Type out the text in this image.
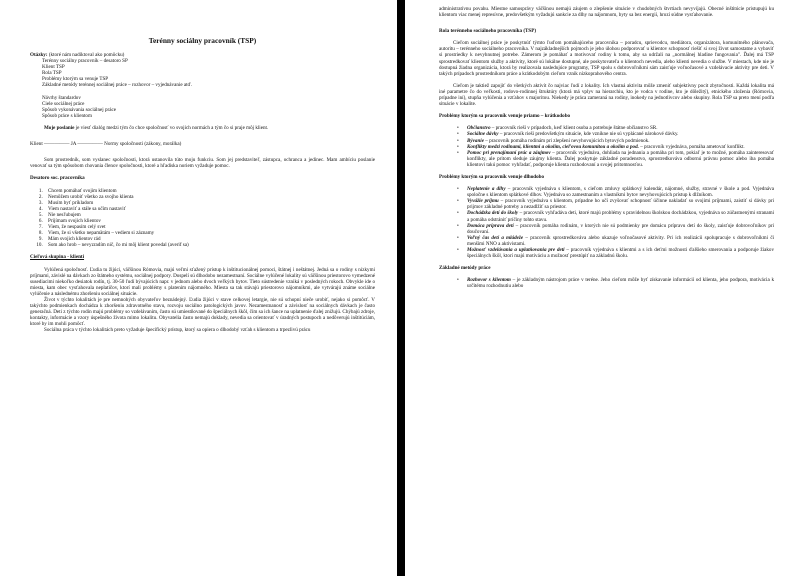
Terénny sociálny pracovník (TSP)
Otázky: (ktoré nám nadiktoval ako pomôcku)
Terénny sociálny pracovník – desatoro SP
Klient TSP
Rola TSP
Problémy ktorým sa venuje TSP
Základné metódy terénnej sociálnej práce – rozhovor – vyjednávanie atď.
Návrhy štandardov
Ciele sociálnej práce
Spôsob vykonávania sociálnej práce
Spôsob práce s klientom
Moje poslanie je viesť dialóg medzi tým čo chce spoločnosť vo svojich normách a tým čo si praje môj klient.
Klient ————— JA ————— Normy spoločnosti (zákony, morálka)
Som prostredník, som vyslanec spoločnosti, ktorá ustanovila túto moju funkciu. Som jej predstaviteľ, zástupca, ochranca a jedinec. Mam ambíciu poslanie venovať sa tým spôsobom chovania členov spoločnosti, ktoré a hľadiska noriem vyžaduje pomoc.
Desatoro soc. pracovníka
1. Chcem pomáhať svojim klientom
2. Nemôžem urobiť všetko za svojho klienta
3. Musím byť príkladom
4. Viem nastaviť a stále sa učím nastaviť
5. Nie nesľubujem
6. Prijímam svojich klientov
7. Viem, že nespasím celý svet
8. Viem, že si všetko nepamätám – vediem si záznamy
9. Mám svojich klientov rád
10. Som ako hrob – nevyzradím nič, čo mi môj klient povedal (averif sa)
Cieľová skupina - klienti
Vylúčená spoločnosť. Ľudia tu žijúci, väčšinou Rómovia, majú veľmi sťažený prístup k inštitucionálnej pomoci, štátnej i neštátnej. Jedná sa o rodiny s nízkymi príjmami, závislé na dávkach zo štátneho systému, sociálnej podpory. Dospelí sú dlhodobo nezamestnaní. Sociálne vylúčené lokality sú väčšinou priestorovo vymedzené susediacimi niekoľko desiatok rodín, tj. 30-50 ľudí bývajúcich napr. v jednom alebo dvoch veľkých bytov. Tieto sústredenie vzniká v posledných rokoch. Obvykle ide o miesta, kam obec vysťahovala neplatičov, ktorí mali problémy s platením nájomného. Miesta sa tak stávajú priestorovo nájomníkmi, ale vytvárajú známe sociálne vylúčenie a následnému zhoršeniu sociálnej situácie.
Život v týchto lokalitách je pre nemnohých obyvateľov beznádejný. Ľudia žijúci v stave celkovej letargie, nie sú schopní nieče urobiť, nejako si pomôcť. V takýchto podmienkach dochádza k zhoršeniu zdravotného stavu, rozvoju sociálno patologických javov. Nezamestnanosť a závislosť na sociálnych dávkach je často generačná. Deti z týchto rodín majú problémy so vzdelávaním, často sú umiestňované do špeciálnych škôl, čím sa ich šance na uplatnenie ďalej znižujú. Chýbajú zdroje, kontakty, informácie a vzory úspešného života mimo lokalitu. Obyvatelia často nemajú doklady, nevedia sa orientovať v úradných postupoch a nedôverujú inštitúciám, ktoré by im mohli pomôcť.
Sociálna práca v týchto lokalitách preto vyžaduje špecifický prístup, ktorý sa opiera o dlhodobý vzťah s klientom a trpezlivú prácu
administratívnu povahu. Miestne samosprávy väčšinou nemajú záujem o zlepšenie situácie v chudobných štvrtiach nevyvíjajú. Obecné inštitúcie pristupujú ku klientom viac menej represívne, predovšetkým vyžadujú sankcie za dlhy na nájomnom, byty sa bez energií, hrozí súdne vysťahovanie.
Rola terénneho sociálneho pracovníka (TSP)
Cieľom sociálnej práce je poskytnúť týmto ľuďom pomáhajúceho pracovníka – poradcu, sprievodcu, mediátora, organizátora, komunitného plánovača, autoritu – terénneho sociálneho pracovníka. V najzákladnejších pojmoch je jeho úlohou podporovať u klientov schopnosť riešiť si svoj život samostatne a vybaviť si prostriedky k nevyhnutnej potrebe. Zámerom je pomáhať a motivovať rodiny k tomu, aby sa udržali na „normálnej hladine fungovania". Ďalej má TSP sprostredkovať klientom služby a aktivity, ktoré sú lokálne dostupné, ale poskytovateľa o klientoch nevedia, alebo klienti nevedia o službe. V miestach, kde nie je dostupná žiadna organizácia, ktorá by realizovala nasledujúce programy, TSP spolu s dobrovoľníkmi sám zaisťuje voľnočasové a vzdelávacie aktivity pre deti. V takých prípadoch prostredníkom práce a krátkodobým cieľom vznik nízkoprahového centra.
Cieľom je taktiež zapojiť do všetkých aktivít čo najviac ľudí z lokality. Ich vlastná aktivita môže zmeniť subjektívny pocit zbytočnosti. Každá lokalita má iné parametre čo do veľkosti, rodovo-rodinnej štruktúry (ktorá má vplyv na hierarchiu, kto je vodca v rodine, kto je dôležitý), etnického zloženia (Rómovia, prípadne iní), stupňa vylúčenia a vzťahov s majoritou. Niekedy je práca zameraná na rodiny, inokedy na jednotlivcov alebo skupiny. Rola TSP sa preto mení podľa situácie v lokalite.
Problémy ktorým sa pracovník venuje priamo – krátkodobo
• Občianstvo – pracovník rieši v prípadoch, keď klient osoba a potrebuje štátne občianstvo SR.
• Sociálne dávky – pracovník rieši predovšetkým situácie, kde vznikne nie sú vyplácané nárokové dávky.
• Bývanie – pracovník pomáha rodinám pri zlepšení nevyhovujúcich bytových podmienok.
• Konflikty medzi rodinami, klientmi a okolím, cieľovou komunitou a okolím a pod. – pracovník vyjednáva, pomáha ametovať konflikt.
• Pomoc pri prenajímaní prác a záujmov – pracovník vyjednáva, dohliada na jednania a pomáha pri tom, pokiaľ je to možné, pomáha zainteresovať konflikty, ale pritom sleduje záujmy klienta. Ďalej poskytuje základné poradenstvo, sprostredkováva odbornú právnu pomoc alebo iba pomáha klientovi takú pomoc vyhľadať, podporuje klienta rozhodovaní a svojej pritomnosťou.
Problémy ktorým sa pracovník venuje dlhodobo
• Neplatenie a dlhy – pracovník vyjednáva s klientom, s cieľom zmluvy splátkový kalendár, nájomné, služby, stravné v škole a pod. Vyjednáva spoločne s klientom splátkové dlhov. Vyjednáva so zamestnaním a vlastníkmi bytov nevyhovujúcich prístup k dlžníkom.
• Vyvážie príjmu – pracovník vyjednáva s klientom, prípadne ho učí zvyšovať schopnosť účinne nakladať so svojimi príjmami, zaistiť si dávky pri prijmov základné potreby a nezadlžiť sa priestor.
• Dochádzka detí do školy – pracovník vyhľadáva deti, ktoré majú problémy s pravidelnou školskou dochádzkou, vyjednáva so zúčastnenými stranami a pomáha odstrániť príčiny tohto stavu.
• Domáca príprava detí – pracovník pomáha rodinám, v ktorých nie sú podmienky pre domácu prípravu detí do školy, zaisťuje dobrovoľníkov pri doučovaní.
• Voľný čas detí a mládeže – pracovník sprostredkováva alebo ukazuje voľnočasové aktivity. Pri ich realizácii spolupracuje s dobrovoľníkmi či menšími NNO a aktivistami.
• Možnosť vzdelávania a uplatňovania pre deti – pracovník vyjednáva s klientmi a s ich deťmi možnosti ďalšieho smerovania a podporuje žiakov špeciálnych škôl, ktorí majú motiváciu a možnosť prestúpiť na základnú školu.
Základné metódy práce
• Rozhovor s klientom – je základným nástrojom práce v teréne. Jeho cieľom môže byť získavanie informácií od klienta, jeho podpora, motivácia k určitému rozhodnutiu alebo
